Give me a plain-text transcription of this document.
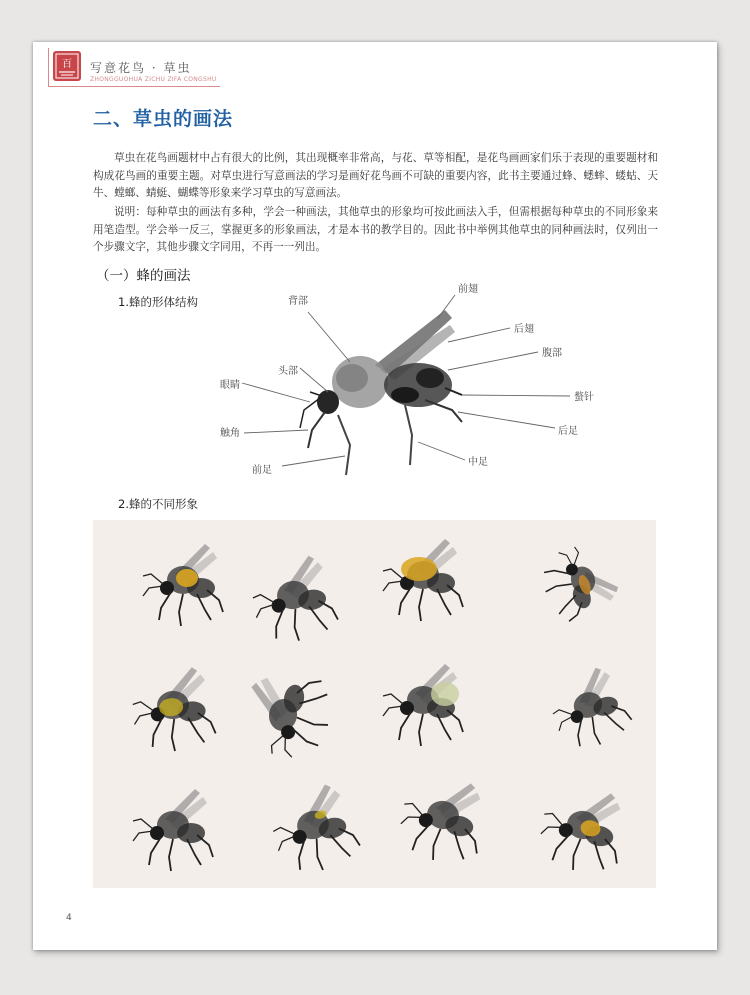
百 写意花鸟 · 草虫
ZHONGGUOHUA ZICHU ZIFA CONGSHU
二、草虫的画法

草虫在花鸟画题材中占有很大的比例，其出现概率非常高，与花、草等相配，是花鸟画画家们乐于表现的重要题材和构成花鸟画的重要主题。对草虫进行写意画法的学习是画好花鸟画不可缺的重要内容，此书主要通过蜂、蟋蟀、蝼蛄、天牛、螳螂、蜻蜓、蝴蝶等形象来学习草虫的写意画法。

说明：每种草虫的画法有多种，学会一种画法，其他草虫的形象均可按此画法入手，但需根据每种草虫的不同形象来用笔造型。学会举一反三，掌握更多的形象画法，才是本书的教学目的。因此书中举例其他草虫的同种画法时，仅列出一个步骤文字，其他步骤文字同用，不再一一列出。

（一）蜂的画法
1.蜂的形体结构	背部
前翅
后翅
腹部
头部
眼睛
螯针
触角	后足
前足
中足
2.蜂的不同形象
4
